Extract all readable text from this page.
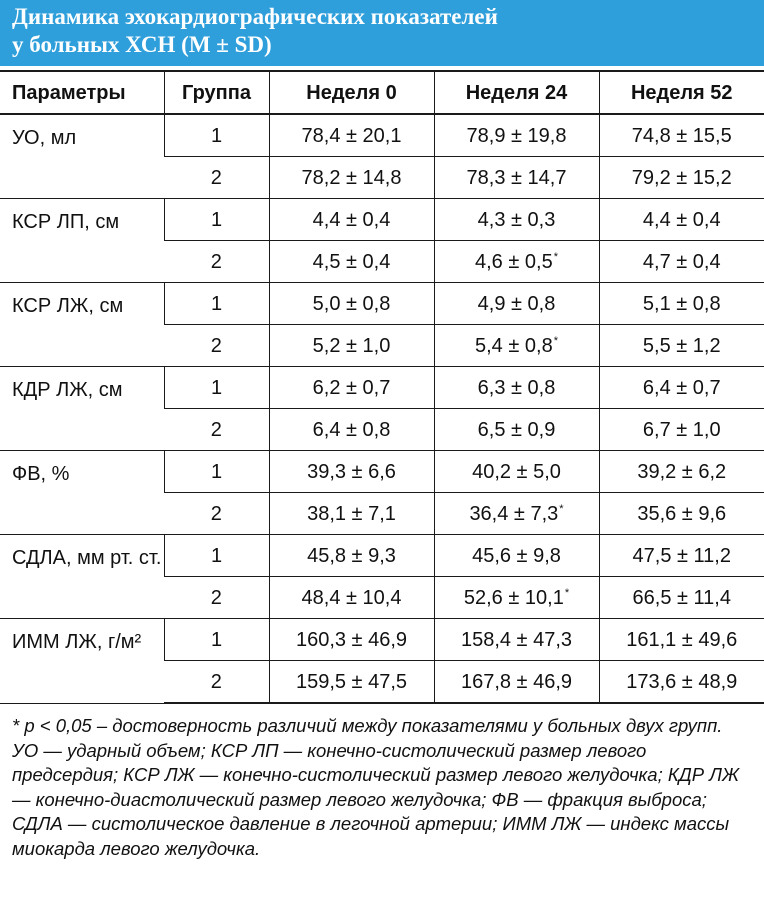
Динамика эхокардиографических показателей
у больных ХСН (М ± SD)
Параметры	Группа	Неделя 0	Неделя 24	Неделя 52
УО, мл	1	78,4 ± 20,1	78,9 ± 19,8	74,8 ± 15,5
	2	78,2 ± 14,8	78,3 ± 14,7	79,2 ± 15,2
КСР ЛП, см	1	4,4 ± 0,4	4,3 ± 0,3	4,4 ± 0,4
	2	4,5 ± 0,4	4,6 ± 0,5*	4,7 ± 0,4
КСР ЛЖ, см	1	5,0 ± 0,8	4,9 ± 0,8	5,1 ± 0,8
	2	5,2 ± 1,0	5,4 ± 0,8*	5,5 ± 1,2
КДР ЛЖ, см	1	6,2 ± 0,7	6,3 ± 0,8	6,4 ± 0,7
	2	6,4 ± 0,8	6,5 ± 0,9	6,7 ± 1,0
ФВ, %	1	39,3 ± 6,6	40,2 ± 5,0	39,2 ± 6,2
	2	38,1 ± 7,1	36,4 ± 7,3*	35,6 ± 9,6
СДЛА, мм рт. ст.	1	45,8 ± 9,3	45,6 ± 9,8	47,5 ± 11,2
	2	48,4 ± 10,4	52,6 ± 10,1*	66,5 ± 11,4
ИММ ЛЖ, г/м²	1	160,3 ± 46,9	158,4 ± 47,3	161,1 ± 49,6
	2	159,5 ± 47,5	167,8 ± 46,9	173,6 ± 48,9

* р < 0,05 – достоверность различий между показателями у больных двух групп.

УО — ударный объем; КСР ЛП — конечно-систолический размер левого предсердия; КСР ЛЖ — конечно-систолический размер левого желудочка; КДР ЛЖ — конечно-диастолический размер левого желудочка; ФВ — фракция выброса; СДЛА — систолическое давление в легочной артерии; ИММ ЛЖ — индекс массы миокарда левого желудочка.
